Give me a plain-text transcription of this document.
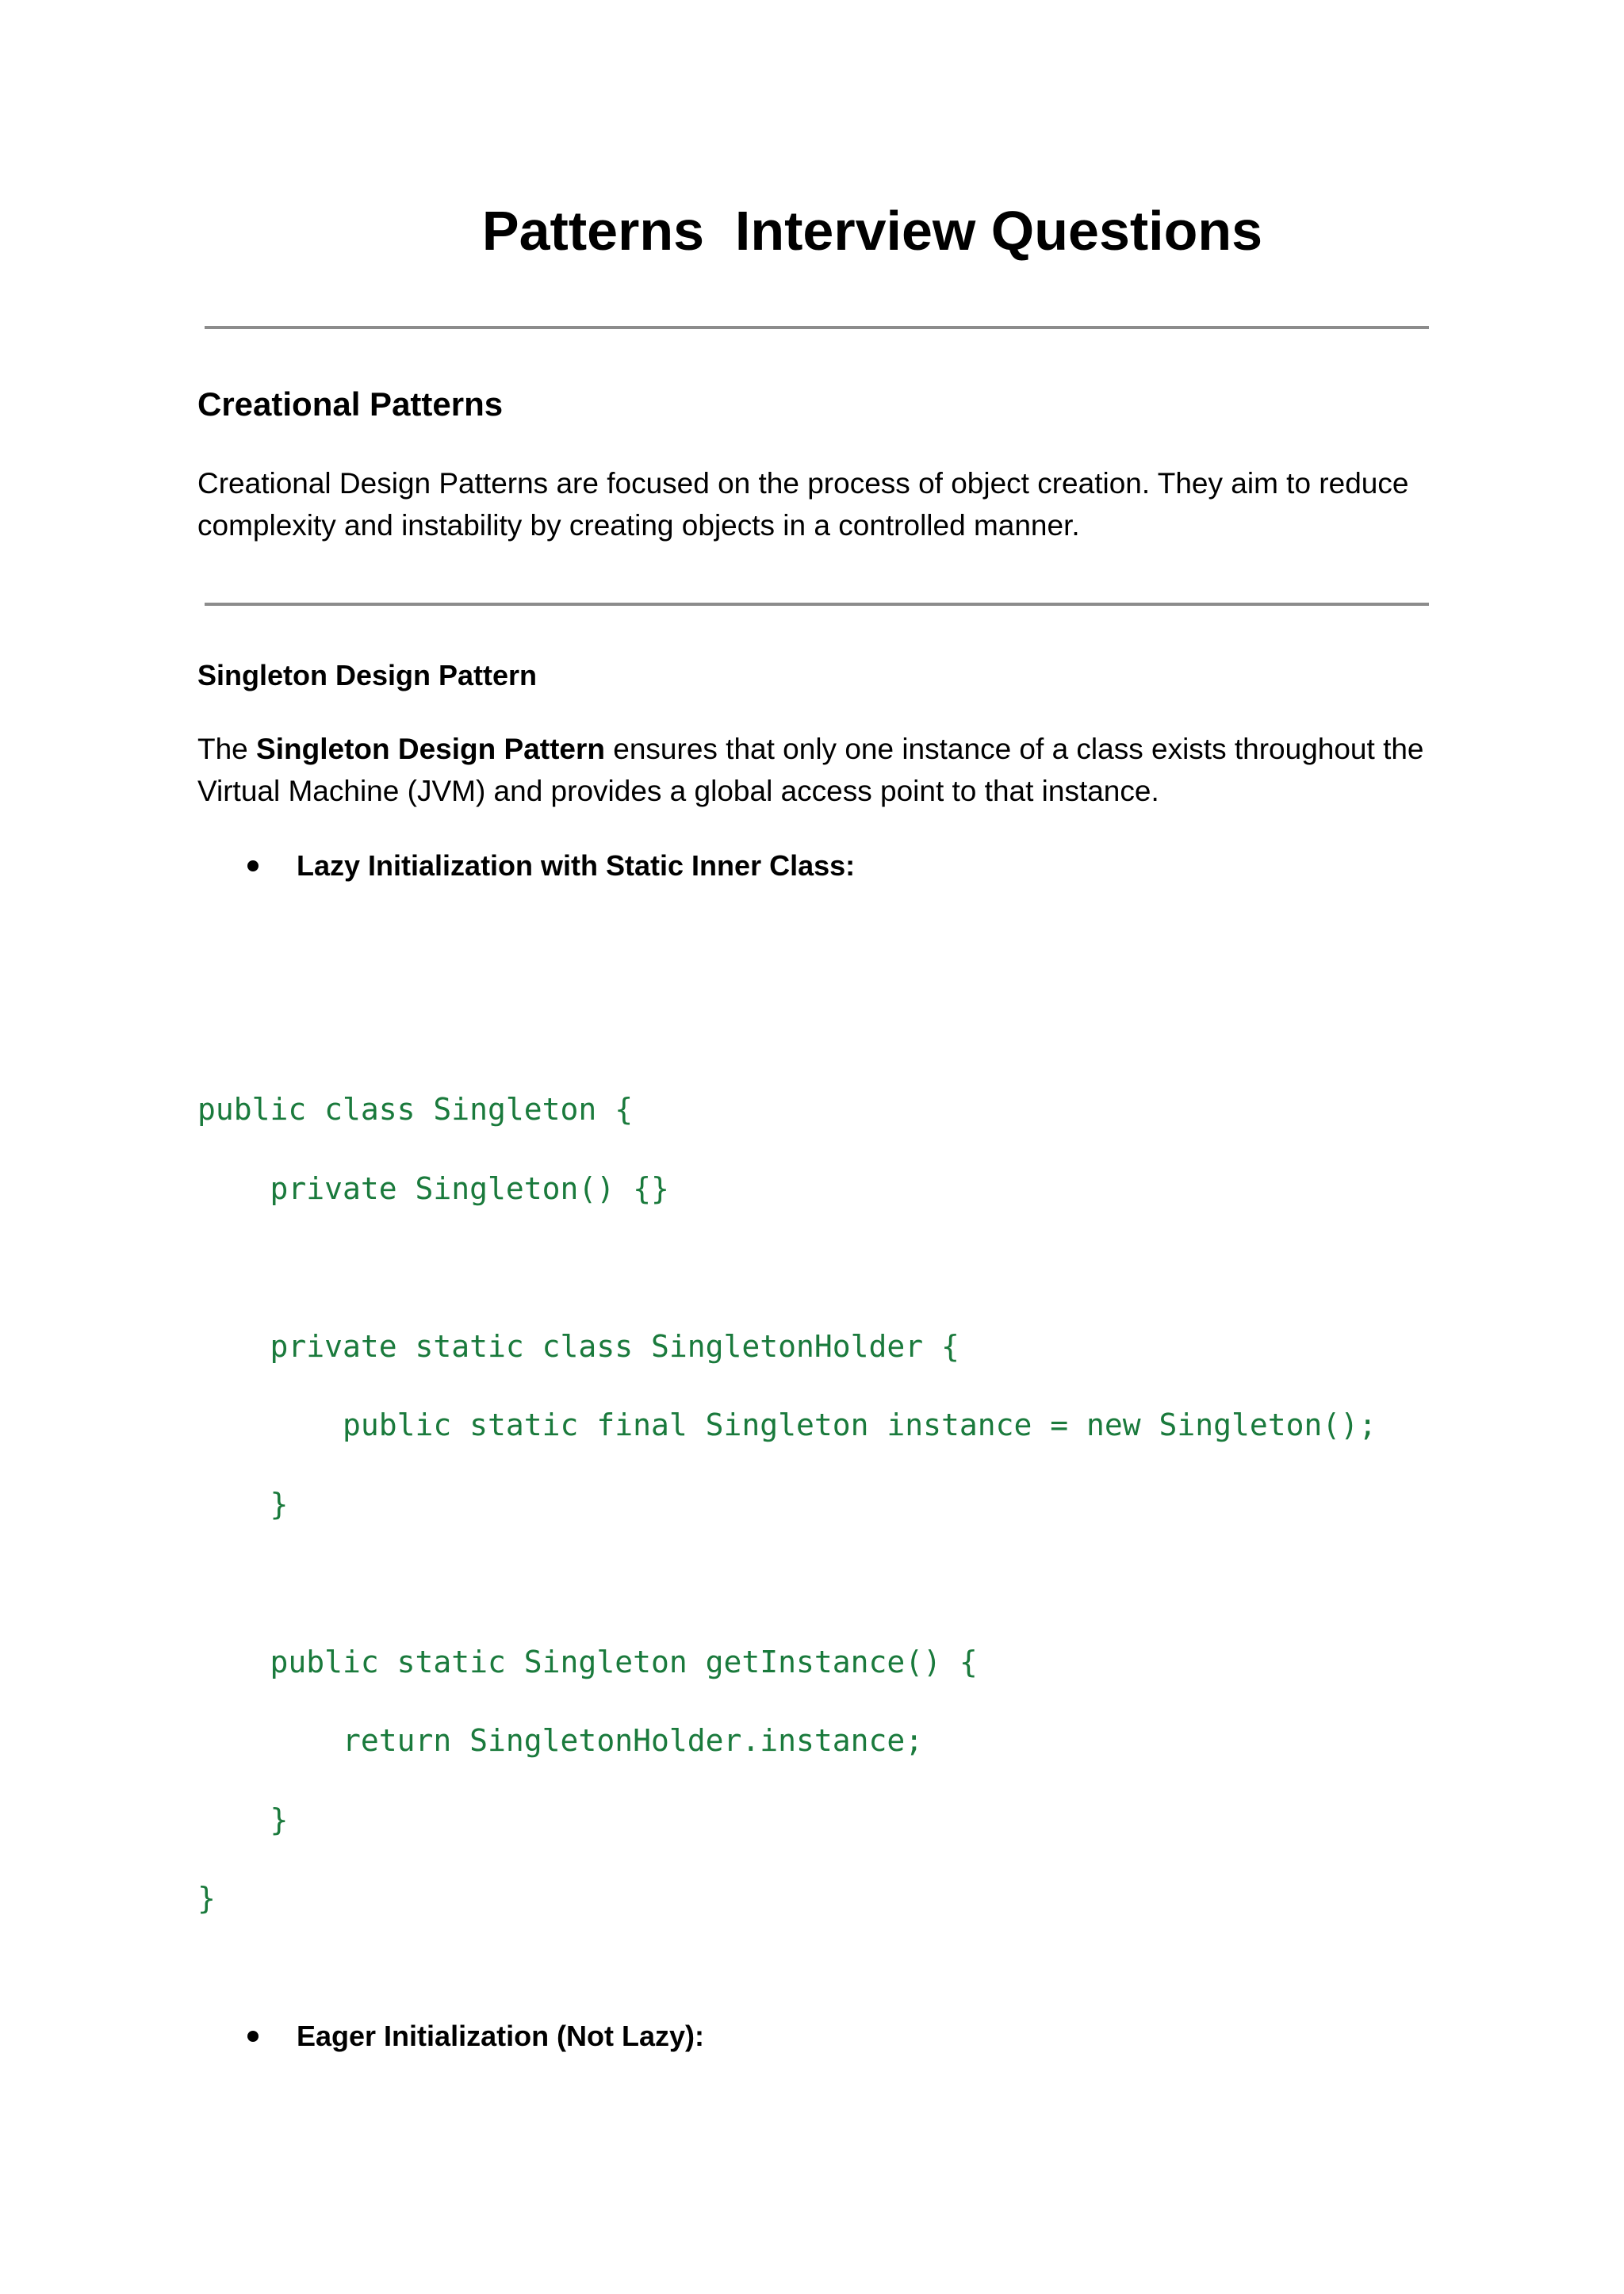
Patterns  Interview Questions
Creational Patterns

Creational Design Patterns are focused on the process of object creation. They aim to reduce complexity and instability by creating objects in a controlled manner.

Singleton Design Pattern

The Singleton Design Pattern ensures that only one instance of a class exists throughout the Virtual Machine (JVM) and provides a global access point to that instance.

Lazy Initialization with Static Inner Class:
public class Singleton {
private Singleton() {}
private static class SingletonHolder {
public static final Singleton instance = new Singleton();
}
public static Singleton getInstance() {
return SingletonHolder.instance;
}
}
Eager Initialization (Not Lazy):
